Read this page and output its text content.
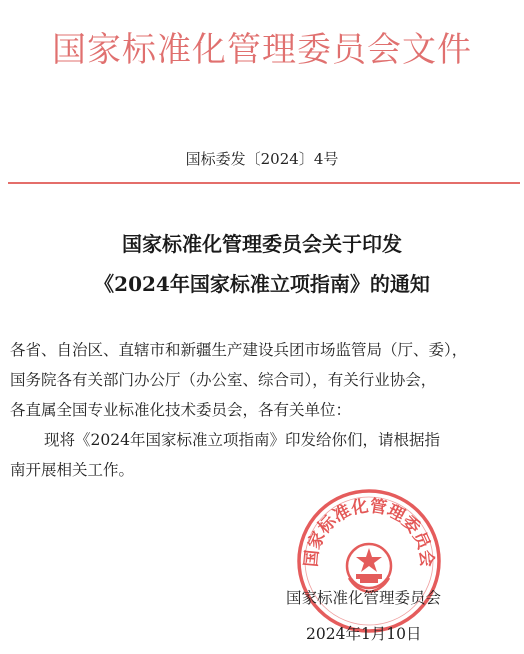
国家标准化管理委员会文件
国标委发〔2024〕4号
国家标准化管理委员会关于印发
《2024年国家标准立项指南》的通知
各省、自治区、直辖市和新疆生产建设兵团市场监管局（厅、委），
国务院各有关部门办公厅（办公室、综合司），有关行业协会，
各直属全国专业标准化技术委员会，各有关单位：
现将《2024年国家标准立项指南》印发给你们，请根据指
南开展相关工作。
国家标准化管理委员会
国家标准化管理委员会
2024年1月10日
